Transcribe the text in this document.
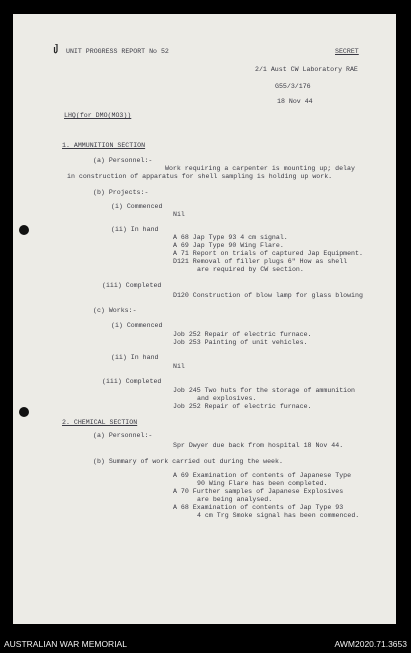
UNIT PROGRESS REPORT No 52	SECRET
2/1 Aust CW Laboratory RAE
G55/3/176
18 Nov 44
LHQ(for DMO(MO3))
1. AMMUNITION SECTION
(a) Personnel:-
Work requiring a carpenter is mounting up; delay
in construction of apparatus for shell sampling is holding up work.
(b) Projects:-
(i) Commenced
Nil
(ii) In hand
A 68 Jap Type 93 4 cm signal.
A 69 Jap Type 90 Wing Flare.
A 71 Report on trials of captured Jap Equipment.
D121 Removal of filler plugs 6" How as shell
are required by CW section.
(iii) Completed
D120 Construction of blow lamp for glass blowing
(c) Works:-
(i) Commenced
Job 252 Repair of electric furnace.
Job 253 Painting of unit vehicles.
(ii) In hand
Nil
(iii) Completed
Job 245 Two huts for the storage of ammunition
and explosives.
Job 252 Repair of electric furnace.
2. CHEMICAL SECTION
(a) Personnel:-
Spr Dwyer due back from hospital 18 Nov 44.
(b) Summary of work carried out during the week.
A 69 Examination of contents of Japanese Type
90 Wing Flare has been completed.
A 70 Further samples of Japanese Explosives
are being analysed.
A 68 Examination of contents of Jap Type 93
4 cm Trg Smoke signal has been commenced.
AUSTRALIAN WAR MEMORIAL	AWM2020.71.3653
